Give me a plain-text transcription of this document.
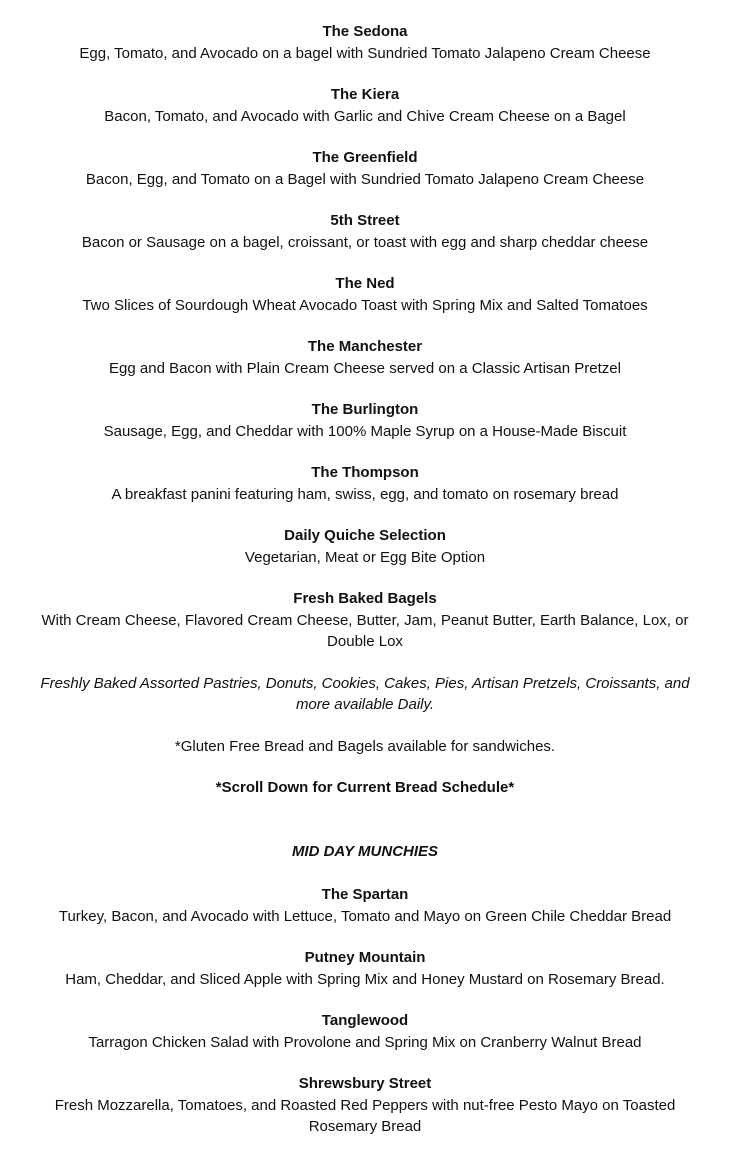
The Sedona
Egg, Tomato, and Avocado on a bagel with Sundried Tomato Jalapeno Cream Cheese
The Kiera
Bacon, Tomato, and Avocado with Garlic and Chive Cream Cheese on a Bagel
The Greenfield
Bacon, Egg, and Tomato on a Bagel with Sundried Tomato Jalapeno Cream Cheese
5th Street
Bacon or Sausage on a bagel, croissant, or toast with egg and sharp cheddar cheese
The Ned
Two Slices of Sourdough Wheat Avocado Toast with Spring Mix and Salted Tomatoes
The Manchester
Egg and Bacon with Plain Cream Cheese served on a Classic Artisan Pretzel
The Burlington
Sausage, Egg, and Cheddar with 100% Maple Syrup on a House-Made Biscuit
The Thompson
A breakfast panini featuring ham, swiss, egg, and tomato on rosemary bread
Daily Quiche Selection
Vegetarian, Meat or Egg Bite Option
Fresh Baked Bagels
With Cream Cheese, Flavored Cream Cheese, Butter, Jam, Peanut Butter, Earth Balance, Lox, or Double Lox
Freshly Baked Assorted Pastries, Donuts, Cookies, Cakes, Pies, Artisan Pretzels, Croissants, and more available Daily.
*Gluten Free Bread and Bagels available for sandwiches.
*Scroll Down for Current Bread Schedule*
MID DAY MUNCHIES
The Spartan
Turkey, Bacon, and Avocado with Lettuce, Tomato and Mayo on Green Chile Cheddar Bread
Putney Mountain
Ham, Cheddar, and Sliced Apple with Spring Mix and Honey Mustard on Rosemary Bread.
Tanglewood
Tarragon Chicken Salad with Provolone and Spring Mix on Cranberry Walnut Bread
Shrewsbury Street
Fresh Mozzarella, Tomatoes, and Roasted Red Peppers with nut-free Pesto Mayo on Toasted Rosemary Bread
